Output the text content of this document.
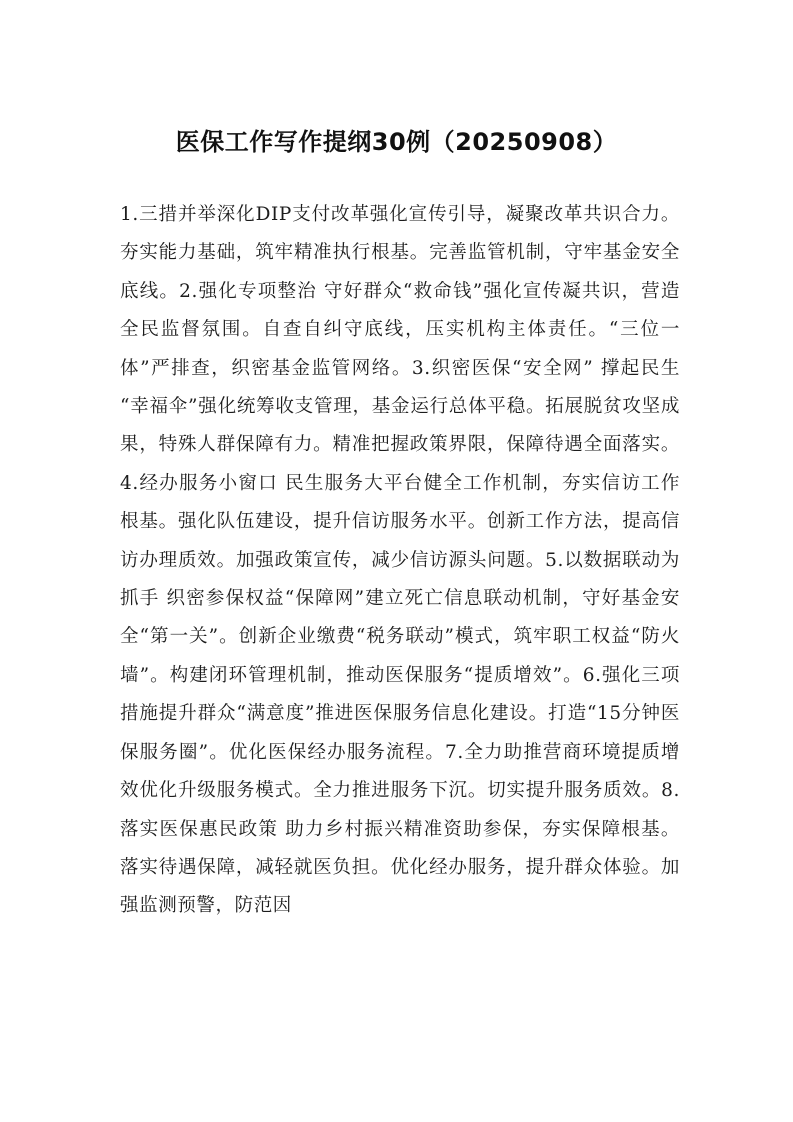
医保工作写作提纲30例（20250908）
1.三措并举深化DIP支付改革强化宣传引导，凝聚改革共识合力。夯实能力基础，筑牢精准执行根基。完善监管机制，守牢基金安全底线。2.强化专项整治 守好群众“救命钱”强化宣传凝共识，营造全民监督氛围。自查自纠守底线，压实机构主体责任。“三位一体”严排查，织密基金监管网络。3.织密医保“安全网” 撑起民生 “幸福伞”强化统筹收支管理，基金运行总体平稳。拓展脱贫攻坚成果，特殊人群保障有力。精准把握政策界限，保障待遇全面落实。4.经办服务小窗口 民生服务大平台健全工作机制，夯实信访工作根基。强化队伍建设，提升信访服务水平。创新工作方法，提高信访办理质效。加强政策宣传，减少信访源头问题。5.以数据联动为抓手 织密参保权益“保障网”建立死亡信息联动机制，守好基金安全“第一关”。创新企业缴费“税务联动”模式，筑牢职工权益“防火墙”。构建闭环管理机制，推动医保服务“提质增效”。6.强化三项措施提升群众“满意度”推进医保服务信息化建设。打造“15分钟医保服务圈”。优化医保经办服务流程。7.全力助推营商环境提质增效优化升级服务模式。全力推进服务下沉。切实提升服务质效。8.落实医保惠民政策 助力乡村振兴精准资助参保，夯实保障根基。落实待遇保障，减轻就医负担。优化经办服务，提升群众体验。加强监测预警，防范因
